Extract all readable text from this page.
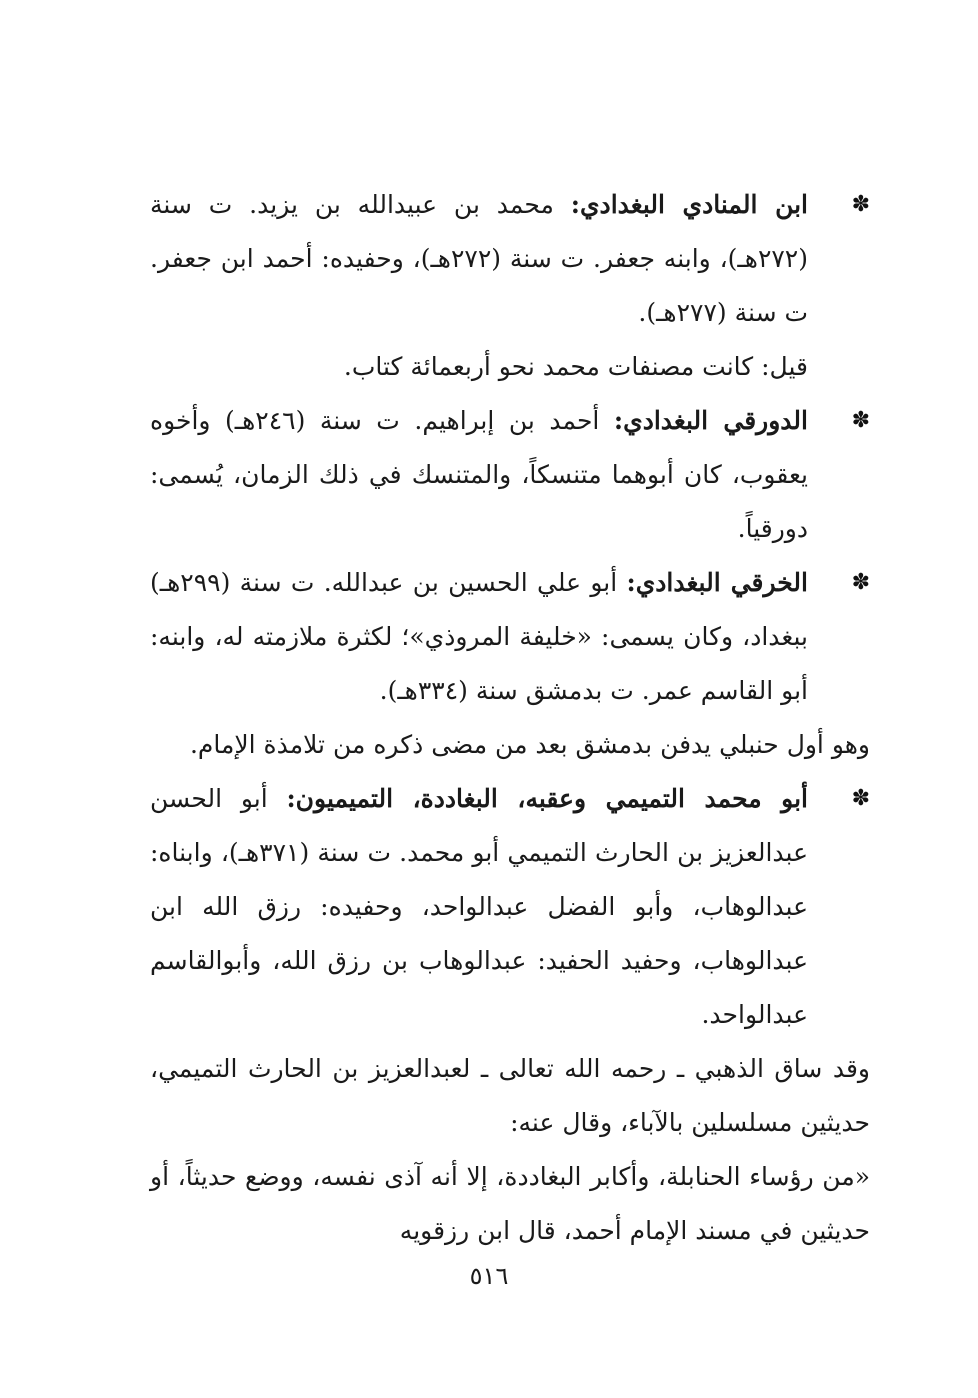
✽

ابن المنادي البغدادي: محمد بن عبيدالله بن يزيد. ت سنة (٢٧٢هـ)، وابنه جعفر. ت سنة (٢٧٢هـ)، وحفيده: أحمد ابن جعفر. ت سنة (٢٧٧هـ).

قيل: كانت مصنفات محمد نحو أربعمائة كتاب.

✽

الدورقي البغدادي: أحمد بن إبراهيم. ت سنة (٢٤٦هـ) وأخوه يعقوب، كان أبوهما متنسكاً، والمتنسك في ذلك الزمان، يُسمى: دورقياً.

✽

الخرقي البغدادي: أبو علي الحسين بن عبدالله. ت سنة (٢٩٩هـ) ببغداد، وكان يسمى: «خليفة المروذي»؛ لكثرة ملازمته له، وابنه: أبو القاسم عمر. ت بدمشق سنة (٣٣٤هـ).

وهو أول حنبلي يدفن بدمشق بعد من مضى ذكره من تلامذة الإمام.

✽

أبو محمد التميمي وعقبه، البغاددة، التميميون: أبو الحسن عبدالعزيز بن الحارث التميمي أبو محمد. ت سنة (٣٧١هـ)، وابناه: عبدالوهاب، وأبو الفضل عبدالواحد، وحفيده: رزق الله ابن عبدالوهاب، وحفيد الحفيد: عبدالوهاب بن رزق الله، وأبوالقاسم عبدالواحد.

وقد ساق الذهبي ـ رحمه الله تعالى ـ لعبدالعزيز بن الحارث التميمي، حديثين مسلسلين بالآباء، وقال عنه:

«من رؤساء الحنابلة، وأكابر البغاددة، إلا أنه آذى نفسه، ووضع حديثاً، أو حديثين في مسند الإمام أحمد، قال ابن رزقويه

٥١٦
